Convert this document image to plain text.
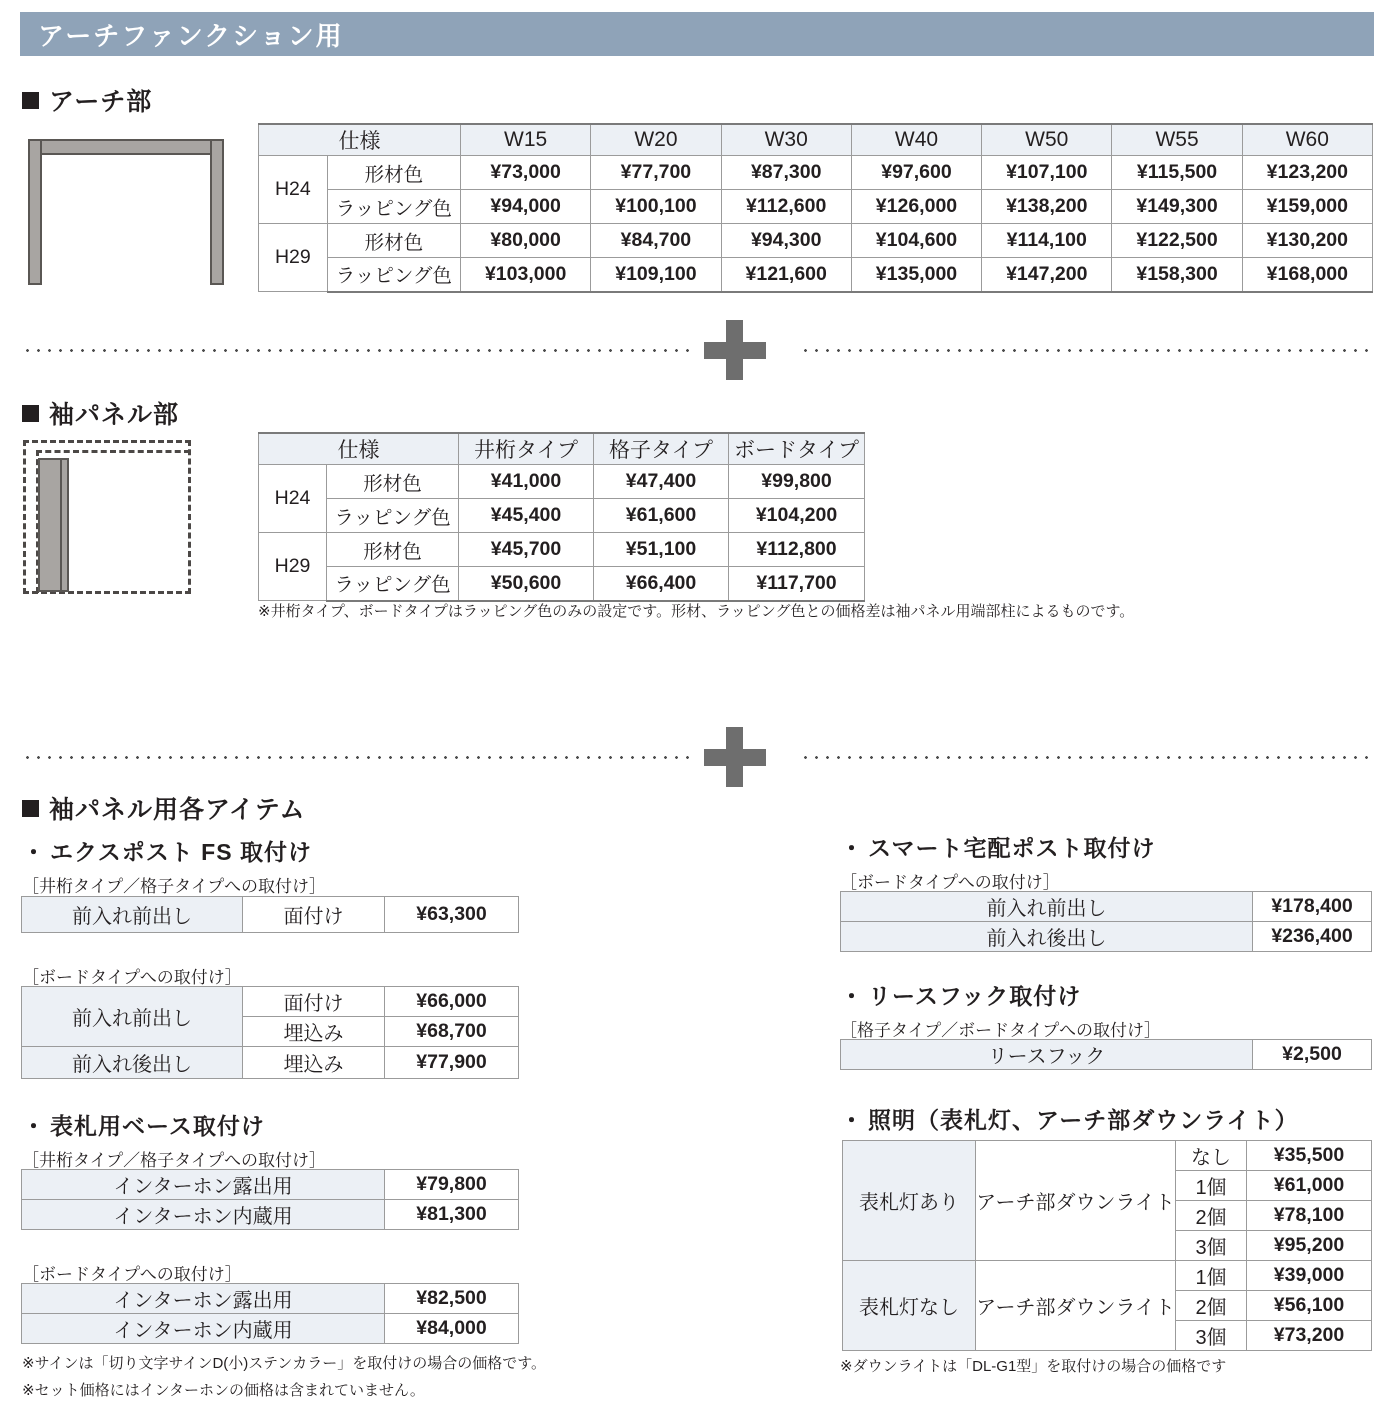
アーチファンクション用
アーチ部
仕様		W15	W20	W30	W40	W50	W55	W60
H24	形材色	¥73,000	¥77,700	¥87,300	¥97,600	¥107,100	¥115,500	¥123,200
	ラッピング色	¥94,000	¥100,100	¥112,600	¥126,000	¥138,200	¥149,300	¥159,000
H29	形材色	¥80,000	¥84,700	¥94,300	¥104,600	¥114,100	¥122,500	¥130,200
	ラッピング色	¥103,000	¥109,100	¥121,600	¥135,000	¥147,200	¥158,300	¥168,000
袖パネル部
仕様		井桁タイプ	格子タイプ	ボードタイプ
H24	形材色	¥41,000	¥47,400	¥99,800
	ラッピング色	¥45,400	¥61,600	¥104,200
H29	形材色	¥45,700	¥51,100	¥112,800
	ラッピング色	¥50,600	¥66,400	¥117,700
※井桁タイプ、ボードタイプはラッピング色のみの設定です。形材、ラッピング色との価格差は袖パネル用端部柱によるものです。
袖パネル用各アイテム
・ エクスポスト FS 取付け
［井桁タイプ／格子タイプへの取付け］
前入れ前出し	面付け	¥63,300
［ボードタイプへの取付け］
前入れ前出し	面付け	¥66,000
	埋込み	¥68,700
前入れ後出し	埋込み	¥77,900
・ 表札用ベース取付け
［井桁タイプ／格子タイプへの取付け］
インターホン露出用	¥79,800
インターホン内蔵用	¥81,300
［ボードタイプへの取付け］
インターホン露出用	¥82,500
インターホン内蔵用	¥84,000
※サインは「切り文字サインD(小)ステンカラー」を取付けの場合の価格です。
※セット価格にはインターホンの価格は含まれていません。
・ スマート宅配ポスト取付け
［ボードタイプへの取付け］
前入れ前出し	¥178,400
前入れ後出し	¥236,400
・ リースフック取付け
［格子タイプ／ボードタイプへの取付け］
リースフック	¥2,500
・ 照明（表札灯、アーチ部ダウンライト）
表札灯あり	アーチ部ダウンライト	なし	¥35,500
		1個	¥61,000
		2個	¥78,100
		3個	¥95,200
表札灯なし	アーチ部ダウンライト	1個	¥39,000
		2個	¥56,100
		3個	¥73,200
※ダウンライトは「DL-G1型」を取付けの場合の価格です
